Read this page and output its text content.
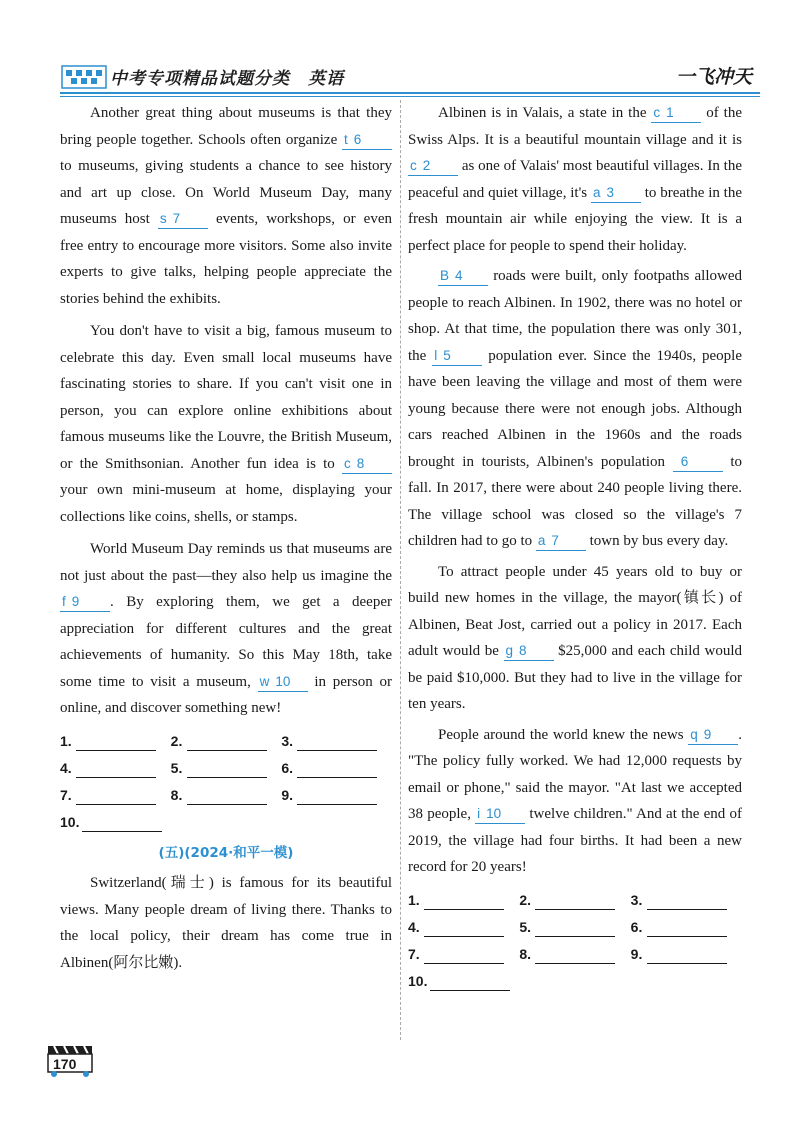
中考专项精品试题分类　英语	一飞冲天

Another great thing about museums is that they bring people together. Schools often organize t 6 to museums, giving students a chance to see history and art up close. On World Museum Day, many museums host s 7 events, workshops, or even free entry to encourage more visitors. Some also invite experts to give talks, helping people appreciate the stories behind the exhibits.

You don't have to visit a big, famous museum to celebrate this day. Even small local museums have fascinating stories to share. If you can't visit one in person, you can explore online exhibitions about famous museums like the Louvre, the British Museum, or the Smithsonian. Another fun idea is to c 8 your own mini-museum at home, displaying your collections like coins, shells, or stamps.

World Museum Day reminds us that museums are not just about the past—they also help us imagine the f 9 . By exploring them, we get a deeper appreciation for different cultures and the great achievements of humanity. So this May 18th, take some time to visit a museum, w 10 in person or online, and discover something new!

1.	2.	3.
4.	5.	6.
7.	8.	9.
10.
(五)(2024·和平一模)

Switzerland(瑞士) is famous for its beautiful views. Many people dream of living there. Thanks to the local policy, their dream has come true in Albinen(阿尔比嫩).

Albinen is in Valais, a state in the c 1 of the Swiss Alps. It is a beautiful mountain village and it is c 2 as one of Valais' most beautiful villages. In the peaceful and quiet village, it's a 3 to breathe in the fresh mountain air while enjoying the view. It is a perfect place for people to spend their holiday.

B 4 roads were built, only footpaths allowed people to reach Albinen. In 1902, there was no hotel or shop. At that time, the population there was only 301, the l 5 population ever. Since the 1940s, people have been leaving the village and most of them were young because there were not enough jobs. Although cars reached Albinen in the 1960s and the roads brought in tourists, Albinen's population 6 to fall. In 2017, there were about 240 people living there. The village school was closed so the village's 7 children had to go to a 7 town by bus every day.

To attract people under 45 years old to buy or build new homes in the village, the mayor(镇长) of Albinen, Beat Jost, carried out a policy in 2017. Each adult would be g 8 $25,000 and each child would be paid $10,000. But they had to live in the village for ten years.

People around the world knew the news q 9 . "The policy fully worked. We had 12,000 requests by email or phone," said the mayor. "At last we accepted 38 people, i 10 twelve children." And at the end of 2019, the village had four births. It had been a new record for 20 years!

1.	2.	3.
4.	5.	6.
7.	8.	9.
10.
170
